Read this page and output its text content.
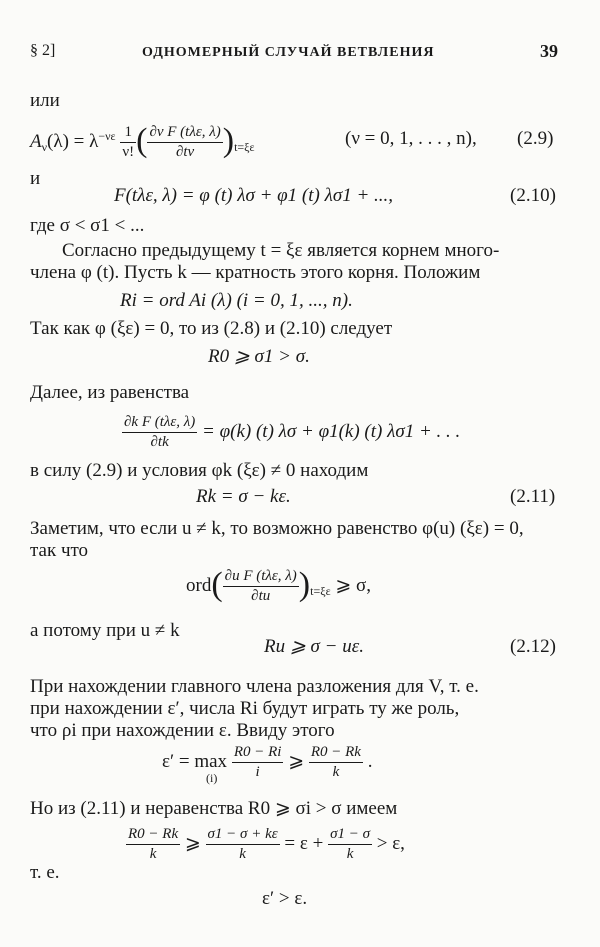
§ 2]	ОДНОМЕРНЫЙ СЛУЧАЙ ВЕТВЛЕНИЯ	39
или
$A_\nu(\lambda) = \lambda^{-\nu\varepsilon} \frac{1}{\nu!}$ ( $\frac{\text{∂ν F (tλε, λ)}}{\partial t\nu} )_{t=\xi\varepsilon}$	(ν = 0, 1, . . . , n), (2.9)
и
F(tλε, λ) = φ (t) λσ + φ1 (t) λσ1 + ...,	(2.10)
где σ < σ1 < ...
Согласно предыдущему t = ξε является корнем много-
члена φ (t). Пусть k — кратность этого корня. Положим
Ri = ord Ai (λ) (i = 0, 1, ..., n).
Так как φ (ξε) = 0, то из (2.8) и (2.10) следует
R0 ⩾ σ1 > σ.
Далее, из равенства
$\frac{\text{∂k F (tλε, λ)}}{\partial tk} = \varphi(k)$ (t) λσ + φ1(k) (t) λσ1 + . . .
в силу (2.9) и условия φk (ξε) ≠ 0 находим
Rk = σ − kε.	(2.11)
Заметим, что если u ≠ k, то возможно равенство φ(u) (ξε) = 0,
так что
$ord( \frac{\text{∂u F (tλε, λ)}}{\partial tu} )_{t=\xi\varepsilon}$ ⩾ σ,
а потому при u ≠ k
Ru ⩾ σ − uε.	(2.12)
При нахождении главного члена разложения для V, т. е.
при нахождении ε′, числа Ri будут играть ту же роль,
что ρi при нахождении ε. Ввиду этого
$\varepsilon' = \max \frac{R0 - Ri}{i}$ ⩾ $\frac{R0 - Rk}{k}$ .
(i)
Но из (2.11) и неравенства R0 ⩾ σi > σ имеем
$\frac{R0 - Rk}{k}$ ⩾ $\frac{\sigma 1 - \sigma + k\varepsilon}{k} = \varepsilon + \frac{\sigma 1 - \sigma}{k} > \varepsilon$,
т. е.
ε′ > ε.
